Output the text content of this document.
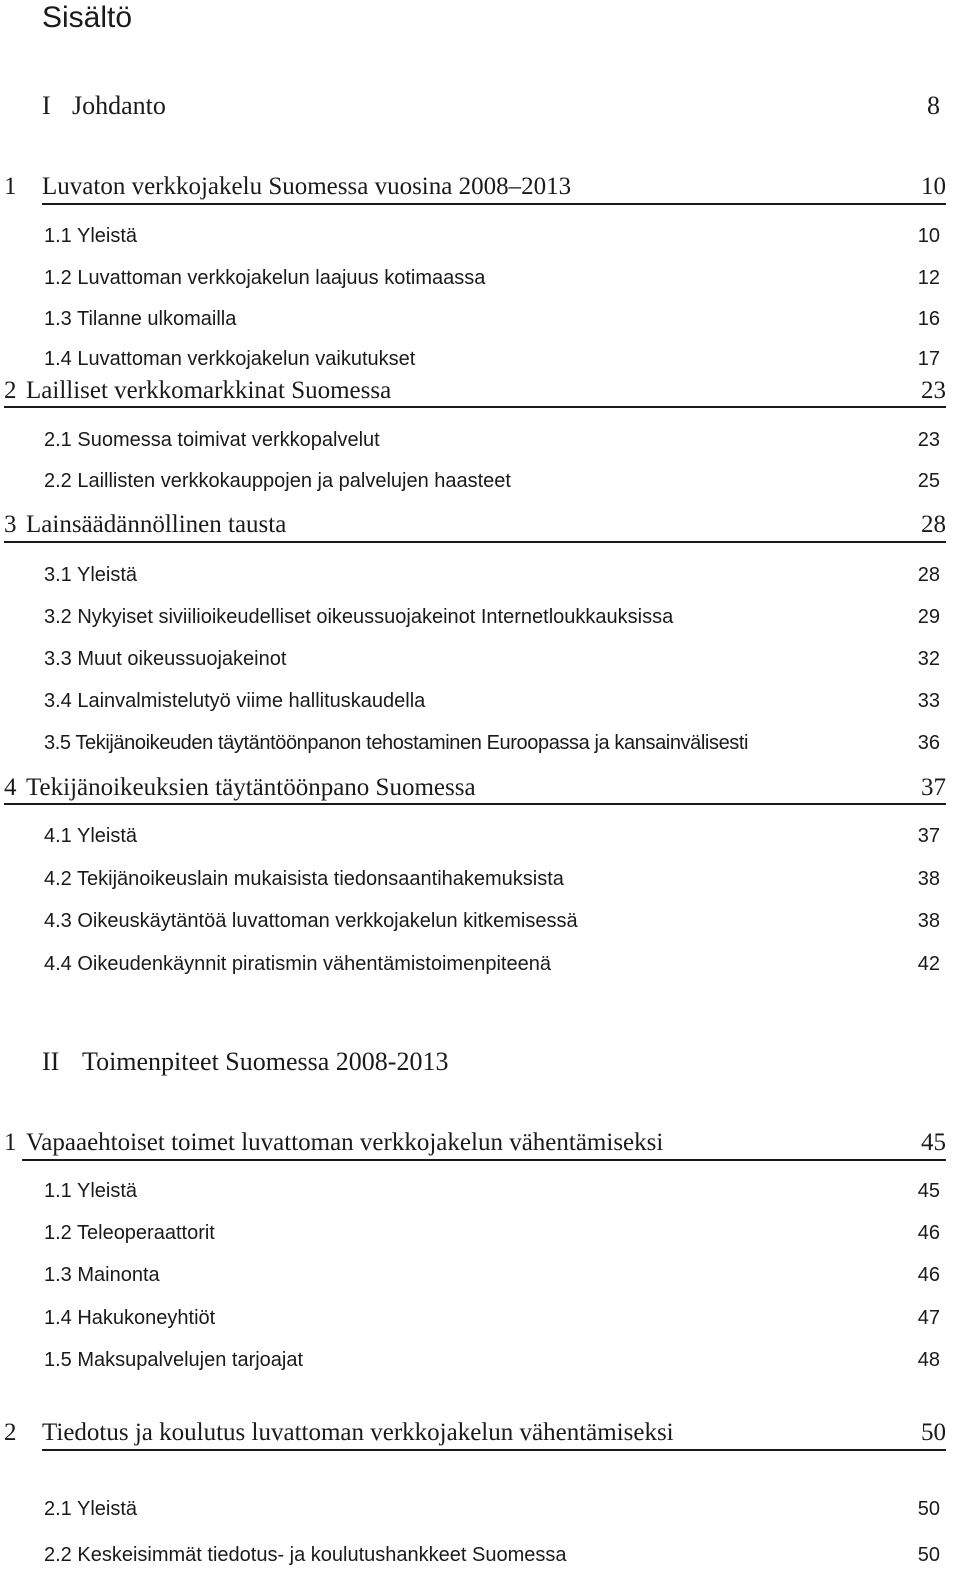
Sisältö
I Johdanto	8
1 Luvaton verkkojakelu Suomessa vuosina 2008–2013	10
1.1 Yleistä	10
1.2 Luvattoman verkkojakelun laajuus kotimaassa	12
1.3 Tilanne ulkomailla	16
1.4 Luvattoman verkkojakelun vaikutukset	17
2 Lailliset verkkomarkkinat Suomessa	23
2.1 Suomessa toimivat verkkopalvelut	23
2.2 Laillisten verkkokauppojen ja palvelujen haasteet	25
3 Lainsäädännöllinen tausta	28
3.1 Yleistä	28
3.2 Nykyiset siviilioikeudelliset oikeussuojakeinot Internetloukkauksissa	29
3.3 Muut oikeussuojakeinot	32
3.4 Lainvalmistelutyö viime hallituskaudella	33
3.5 Tekijänoikeuden täytäntöönpanon tehostaminen Euroopassa ja kansainvälisesti	36
4 Tekijänoikeuksien täytäntöönpano Suomessa	37
4.1 Yleistä	37
4.2 Tekijänoikeuslain mukaisista tiedonsaantihakemuksista	38
4.3 Oikeuskäytäntöä luvattoman verkkojakelun kitkemisessä	38
4.4 Oikeudenkäynnit piratismin vähentämistoimenpiteenä	42
II Toimenpiteet Suomessa 2008-2013
1 Vapaaehtoiset toimet luvattoman verkkojakelun vähentämiseksi	45
1.1 Yleistä	45
1.2 Teleoperaattorit	46
1.3 Mainonta	46
1.4 Hakukoneyhtiöt	47
1.5 Maksupalvelujen tarjoajat	48
2 Tiedotus ja koulutus luvattoman verkkojakelun vähentämiseksi	50
2.1 Yleistä	50
2.2 Keskeisimmät tiedotus- ja koulutushankkeet Suomessa	50
